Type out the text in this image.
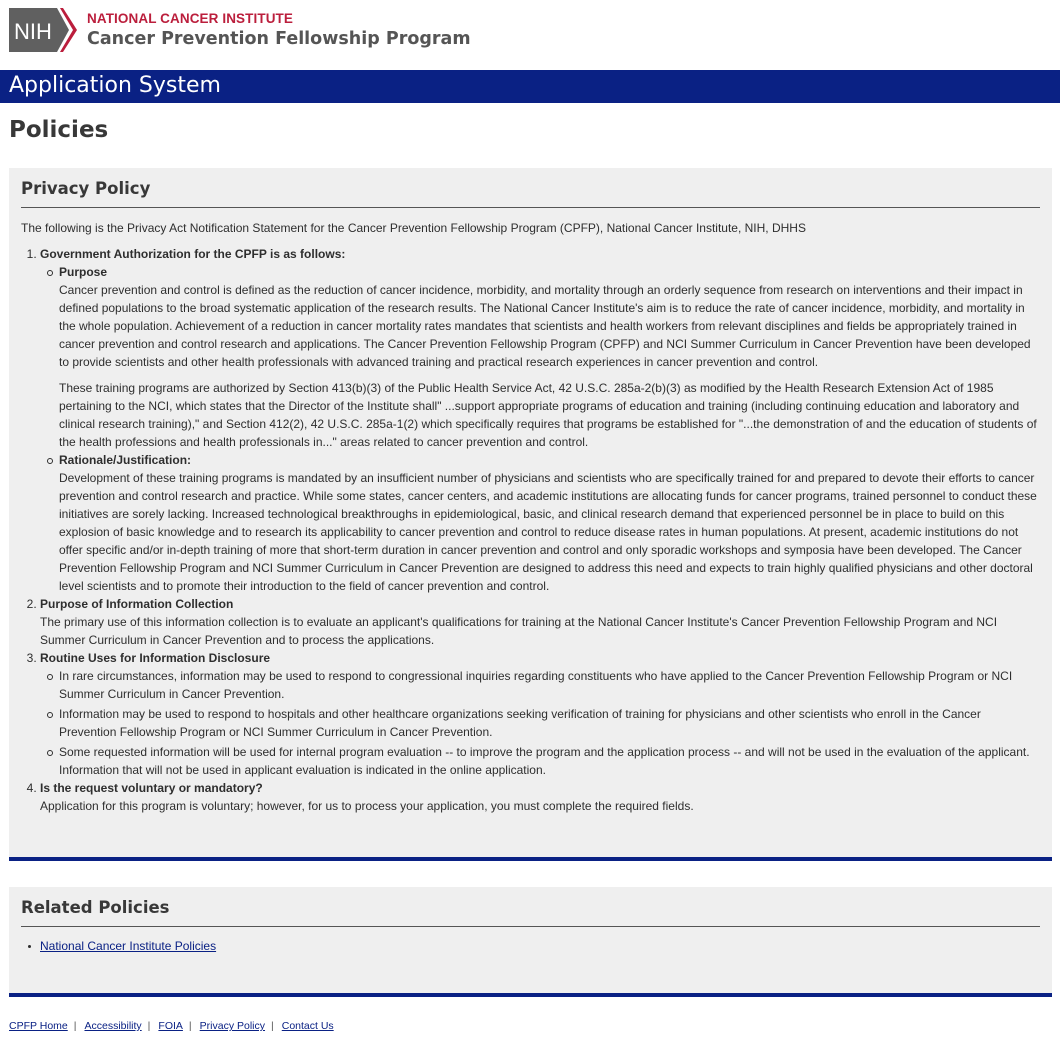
NIH
NATIONAL CANCER INSTITUTE
Cancer Prevention Fellowship Program
Application System
Policies
Privacy Policy

The following is the Privacy Act Notification Statement for the Cancer Prevention Fellowship Program (CPFP), National Cancer Institute, NIH, DHHS

1. Government Authorization for the CPFP is as follows:
Purpose

Cancer prevention and control is defined as the reduction of cancer incidence, morbidity, and mortality through an orderly sequence from research on interventions and their impact in defined populations to the broad systematic application of the research results. The National Cancer Institute's aim is to reduce the rate of cancer incidence, morbidity, and mortality in the whole population. Achievement of a reduction in cancer mortality rates mandates that scientists and health workers from relevant disciplines and fields be appropriately trained in cancer prevention and control research and applications. The Cancer Prevention Fellowship Program (CPFP) and NCI Summer Curriculum in Cancer Prevention have been developed to provide scientists and other health professionals with advanced training and practical research experiences in cancer prevention and control.

These training programs are authorized by Section 413(b)(3) of the Public Health Service Act, 42 U.S.C. 285a-2(b)(3) as modified by the Health Research Extension Act of 1985 pertaining to the NCI, which states that the Director of the Institute shall" ...support appropriate programs of education and training (including continuing education and laboratory and clinical research training)," and Section 412(2), 42 U.S.C. 285a-1(2) which specifically requires that programs be established for "...the demonstration of and the education of students of the health professions and health professionals in..." areas related to cancer prevention and control.

Rationale/Justification:

Development of these training programs is mandated by an insufficient number of physicians and scientists who are specifically trained for and prepared to devote their efforts to cancer prevention and control research and practice. While some states, cancer centers, and academic institutions are allocating funds for cancer programs, trained personnel to conduct these initiatives are sorely lacking. Increased technological breakthroughs in epidemiological, basic, and clinical research demand that experienced personnel be in place to build on this explosion of basic knowledge and to research its applicability to cancer prevention and control to reduce disease rates in human populations. At present, academic institutions do not offer specific and/or in-depth training of more that short-term duration in cancer prevention and control and only sporadic workshops and symposia have been developed. The Cancer Prevention Fellowship Program and NCI Summer Curriculum in Cancer Prevention are designed to address this need and expects to train highly qualified physicians and other doctoral level scientists and to promote their introduction to the field of cancer prevention and control.

2. Purpose of Information Collection
The primary use of this information collection is to evaluate an applicant's qualifications for training at the National Cancer Institute's Cancer Prevention Fellowship Program and NCI Summer Curriculum in Cancer Prevention and to process the applications.
3. Routine Uses for Information Disclosure
In rare circumstances, information may be used to respond to congressional inquiries regarding constituents who have applied to the Cancer Prevention Fellowship Program or NCI Summer Curriculum in Cancer Prevention.
Information may be used to respond to hospitals and other healthcare organizations seeking verification of training for physicians and other scientists who enroll in the Cancer Prevention Fellowship Program or NCI Summer Curriculum in Cancer Prevention.
Some requested information will be used for internal program evaluation -- to improve the program and the application process -- and will not be used in the evaluation of the applicant. Information that will not be used in applicant evaluation is indicated in the online application.
4. Is the request voluntary or mandatory?
Application for this program is voluntary; however, for us to process your application, you must complete the required fields.
Related Policies
National Cancer Institute Policies
CPFP Home | Accessibility | FOIA | Privacy Policy | Contact Us
